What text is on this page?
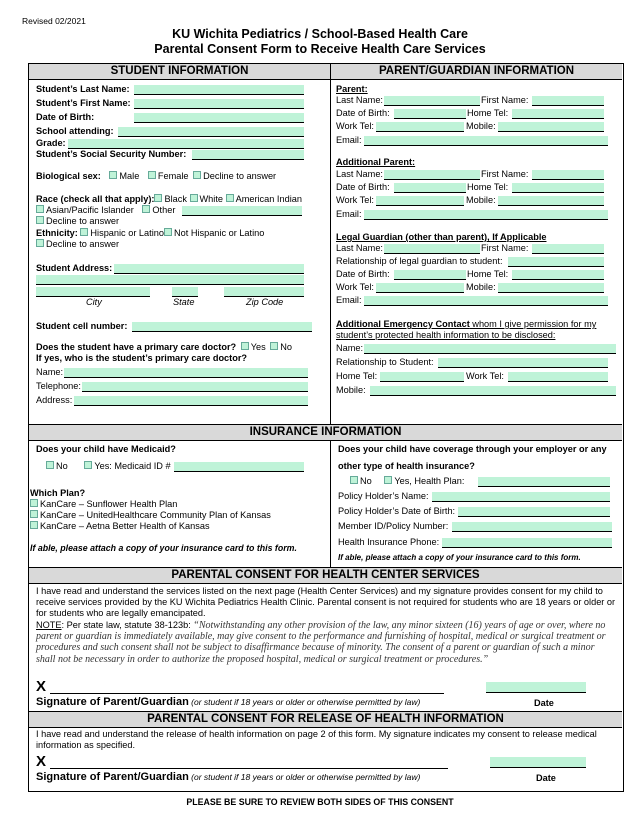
Revised 02/2021
KU Wichita Pediatrics / School-Based Health Care
Parental Consent Form to Receive Health Care Services
STUDENT INFORMATION	PARENT/GUARDIAN INFORMATION
INSURANCE INFORMATION
PARENTAL CONSENT FOR HEALTH CENTER SERVICES
PARENTAL CONSENT FOR RELEASE OF HEALTH INFORMATION
Student’s Last Name:
Student’s First Name:
Date of Birth:
School attending:
Grade:
Student’s Social Security Number:
Biological sex: Male Female Decline to answer
Race (check all that apply): Black White American Indian
Asian/Pacific Islander Other
Decline to answer
Ethnicity: Hispanic or Latino Not Hispanic or Latino
Decline to answer
Student Address:
City	State	Zip Code
Student cell number:
Does the student have a primary care doctor? Yes No
If yes, who is the student’s primary care doctor?
Name:
Telephone:
Address:
Parent:
Last Name:	First Name:
Date of Birth:	Home Tel:
Work Tel:	Mobile:
Email:
Additional Parent:
Last Name:	First Name:
Date of Birth:	Home Tel:
Work Tel:	Mobile:
Email:
Legal Guardian (other than parent), If Applicable
Last Name:	First Name:
Relationship of legal guardian to student:
Date of Birth:	Home Tel:
Work Tel:	Mobile:
Email:
Additional Emergency Contact whom I give permission for my
student’s protected health information to be disclosed:
Name:
Relationship to Student:
Home Tel:	Work Tel:
Mobile:
Does your child have Medicaid?
No	Yes: Medicaid ID #
Which Plan?
KanCare – Sunflower Health Plan
KanCare – UnitedHealthcare Community Plan of Kansas
KanCare – Aetna Better Health of Kansas
If able, please attach a copy of your insurance card to this form.
Does your child have coverage through your employer or any
other type of health insurance?
No Yes, Health Plan:
Policy Holder’s Name:
Policy Holder’s Date of Birth:
Member ID/Policy Number:
Health Insurance Phone:
If able, please attach a copy of your insurance card to this form.
I have read and understand the services listed on the next page (Health Center Services) and my signature provides consent for my child to receive services provided by the KU Wichita Pediatrics Health Clinic. Parental consent is not required for students who are 18 years or older or for students who are legally emancipated.
NOTE: Per state law, statute 38-123b: “Notwithstanding any other provision of the law, any minor sixteen (16) years of age or over, where no parent or guardian is immediately available, may give consent to the performance and furnishing of hospital, medical or surgical treatment or procedures and such consent shall not be subject to disaffirmance because of minority. The consent of a parent or guardian of such a minor shall not be necessary in order to authorize the proposed hospital, medical or surgical treatment or procedures.”
X
Signature of Parent/Guardian (or student if 18 years or older or otherwise permitted by law)	Date
I have read and understand the release of health information on page 2 of this form. My signature indicates my consent to release medical information as specified.
X
Signature of Parent/Guardian (or student if 18 years or older or otherwise permitted by law)	Date
PLEASE BE SURE TO REVIEW BOTH SIDES OF THIS CONSENT
